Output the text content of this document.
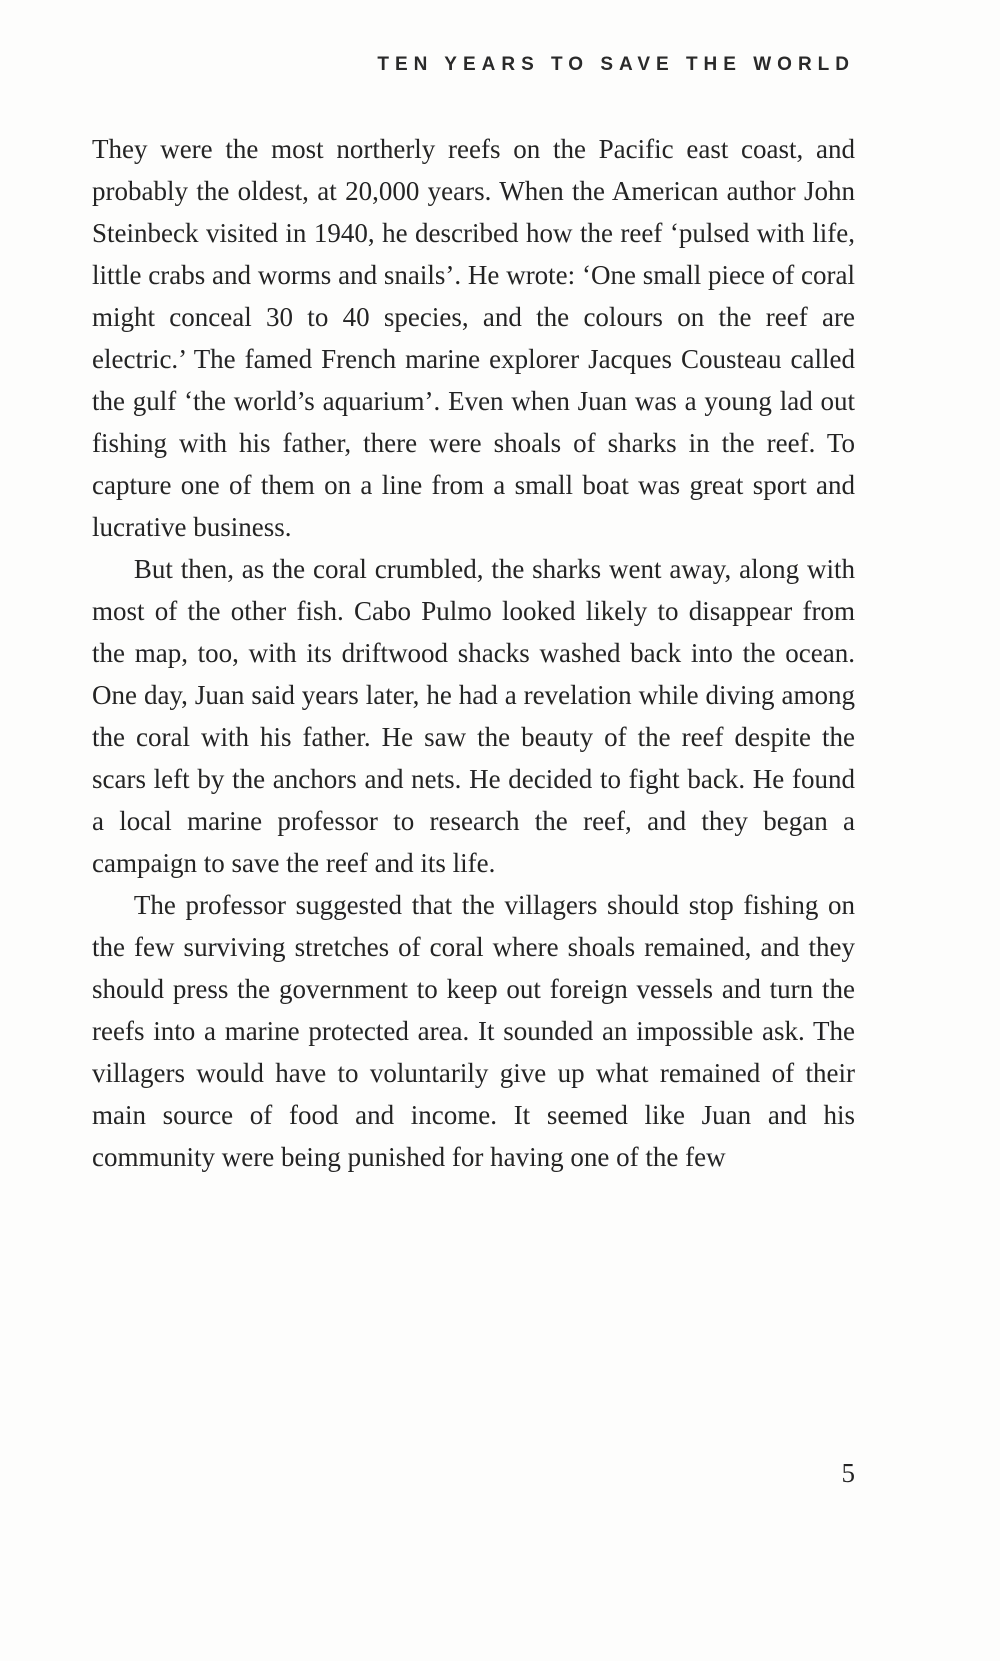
TEN YEARS TO SAVE THE WORLD

They were the most northerly reefs on the Pacific east coast, and probably the oldest, at 20,000 years. When the American author John Steinbeck visited in 1940, he described how the reef ‘pulsed with life, little crabs and worms and snails’. He wrote: ‘One small piece of coral might conceal 30 to 40 species, and the colours on the reef are electric.’ The famed French marine explorer Jacques Cousteau called the gulf ‘the world’s aquarium’. Even when Juan was a young lad out fishing with his father, there were shoals of sharks in the reef. To capture one of them on a line from a small boat was great sport and lucrative business.

But then, as the coral crumbled, the sharks went away, along with most of the other fish. Cabo Pulmo looked likely to disappear from the map, too, with its driftwood shacks washed back into the ocean. One day, Juan said years later, he had a revelation while diving among the coral with his father. He saw the beauty of the reef despite the scars left by the anchors and nets. He decided to fight back. He found a local marine professor to research the reef, and they began a campaign to save the reef and its life.

The professor suggested that the villagers should stop fishing on the few surviving stretches of coral where shoals remained, and they should press the government to keep out foreign vessels and turn the reefs into a marine protected area. It sounded an impossible ask. The villagers would have to voluntarily give up what remained of their main source of food and income. It seemed like Juan and his community were being punished for having one of the few

5
